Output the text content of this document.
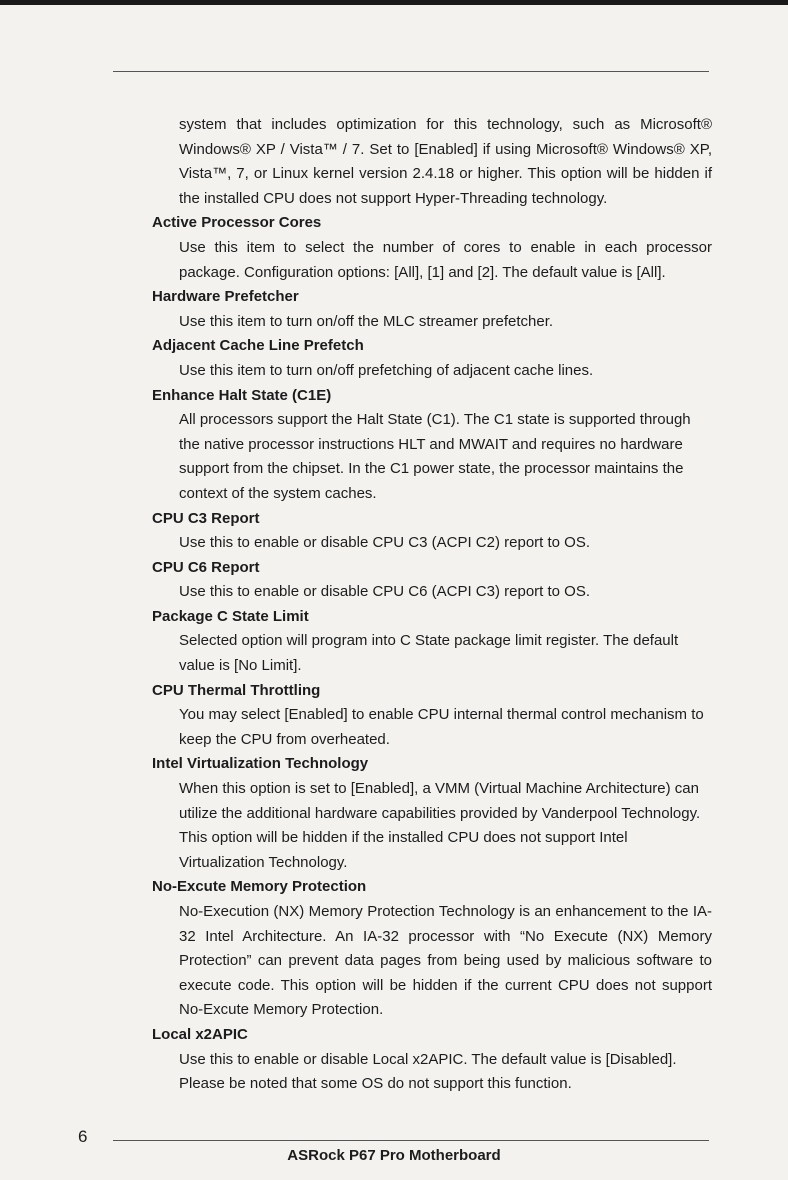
system that includes optimization for this technology, such as Microsoft® Windows® XP / Vista™ / 7. Set to [Enabled] if using Microsoft® Windows® XP, Vista™, 7, or Linux kernel version 2.4.18 or higher. This option will be hidden if the installed CPU does not support Hyper-Threading technology.

Active Processor Cores

Use this item to select the number of cores to enable in each processor package. Configuration options: [All], [1] and [2]. The default value is [All].

Hardware Prefetcher

Use this item to turn on/off the MLC streamer prefetcher.

Adjacent Cache Line Prefetch

Use this item to turn on/off prefetching of adjacent cache lines.

Enhance Halt State (C1E)

All processors support the Halt State (C1). The C1 state is supported through the native processor instructions HLT and MWAIT and requires no hardware support from the chipset. In the C1 power state, the processor maintains the context of the system caches.

CPU C3 Report

Use this to enable or disable CPU C3 (ACPI C2) report to OS.

CPU C6 Report

Use this to enable or disable CPU C6 (ACPI C3) report to OS.

Package C State Limit

Selected option will program into C State package limit register. The default value is [No Limit].

CPU Thermal Throttling

You may select [Enabled] to enable CPU internal thermal control mechanism to keep the CPU from overheated.

Intel Virtualization Technology

When this option is set to [Enabled], a VMM (Virtual Machine Architecture) can utilize the additional hardware capabilities provided by Vanderpool Technology. This option will be hidden if the installed CPU does not support Intel Virtualization Technology.

No-Excute Memory Protection

No-Execution (NX) Memory Protection Technology is an enhancement to the IA-32 Intel Architecture. An IA-32 processor with “No Execute (NX) Memory Protection” can prevent data pages from being used by malicious software to execute code. This option will be hidden if the current CPU does not support No-Excute Memory Protection.

Local x2APIC

Use this to enable or disable Local x2APIC. The default value is [Disabled]. Please be noted that some OS do not support this function.

6
ASRock P67 Pro Motherboard
